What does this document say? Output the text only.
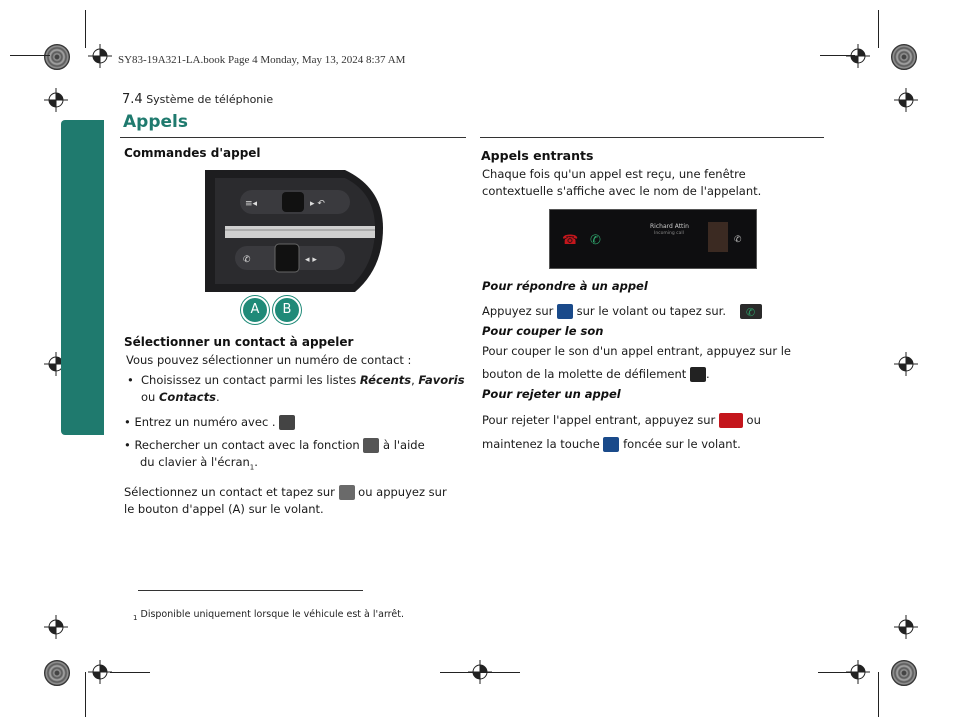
SY83-19A321-LA.book Page 4 Monday, May 13, 2024 8:37 AM
7.4 Système de téléphonie
Appels
Commandes d'appel
≡◂	▸ ↶
✆	◂ ▸
A	B
Sélectionner un contact à appeler
Vous pouvez sélectionner un numéro de contact :
• Choisissez un contact parmi les listes Récents, Favoris
ou Contacts.
• Entrez un numéro avec .
• Rechercher un contact avec la fonction à l'aide
du clavier à l'écran$_1$.
Sélectionnez un contact et tapez sur ou appuyez sur
le bouton d'appel (A) sur le volant.
Appels entrants
Chaque fois qu'un appel est reçu, une fenêtre
contextuelle s'affiche avec le nom de l'appelant.
☎ ✆	✆
Richard Attin
Incoming call
Pour répondre à un appel
Appuyez sur sur le volant ou tapez sur. ✆
Pour couper le son
Pour couper le son d'un appel entrant, appuyez sur le
bouton de la molette de défilement .
Pour rejeter un appel
Pour rejeter l'appel entrant, appuyez sur	ou
maintenez la touche foncée sur le volant.
$_1$ Disponible uniquement lorsque le véhicule est à l'arrêt.
